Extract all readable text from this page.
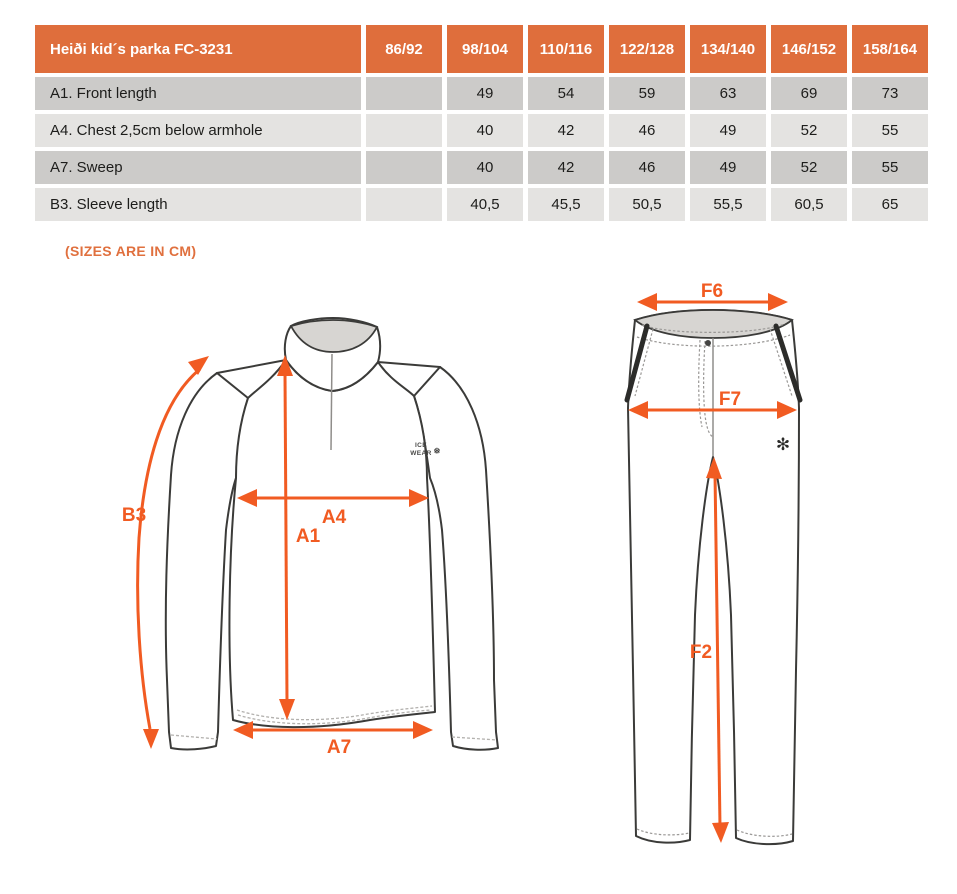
Heiði kid´s parka FC-3231	86/92	98/104	110/116	122/128	134/140	146/152	158/164
A1. Front length		49	54	59	63	69	73
A4. Chest 2,5cm below armhole		40	42	46	49	52	55
A7. Sweep		40	42	46	49	52	55
B3. Sleeve length		40,5	45,5	50,5	55,5	60,5	65
(SIZES ARE IN CM)
ICE
WEAR ❅
B3	A4
A1
A7
✻
F6
F7
F2
